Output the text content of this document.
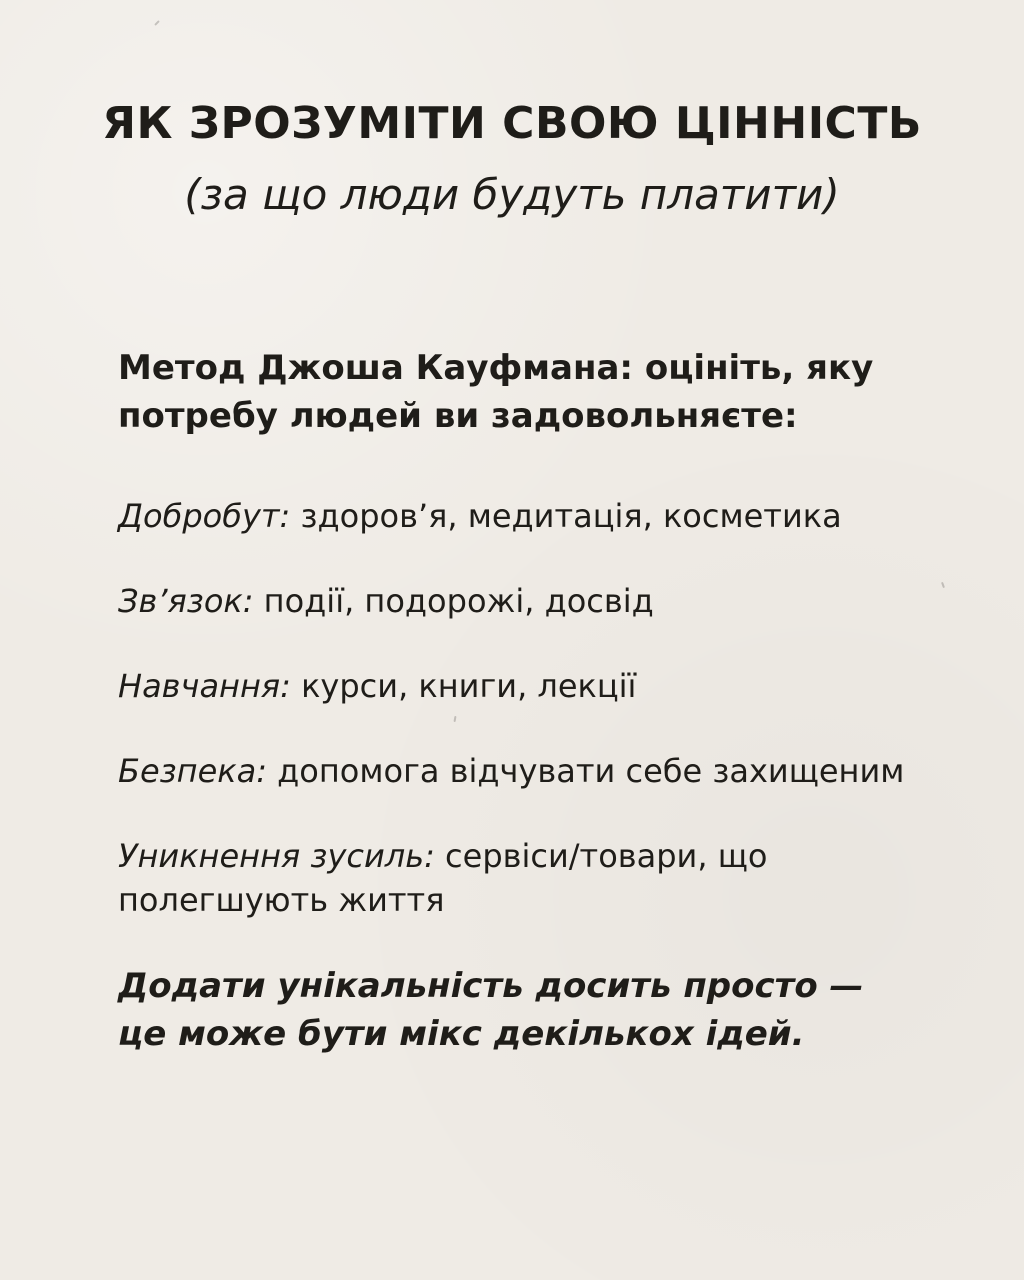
ЯК ЗРОЗУМІТИ СВОЮ ЦІННІСТЬ
(за що люди будуть платити)
Метод Джоша Кауфмана: оцініть, яку потребу людей ви задовольняєте:
Добробут: здоров’я, медитація, косметика
Зв’язок: події, подорожі, досвід
Навчання: курси, книги, лекції
Безпека: допомога відчувати себе захищеним
Уникнення зусиль: сервіси/товари, що полегшують життя
Додати унікальність досить просто — це може бути мікс декількох ідей.
